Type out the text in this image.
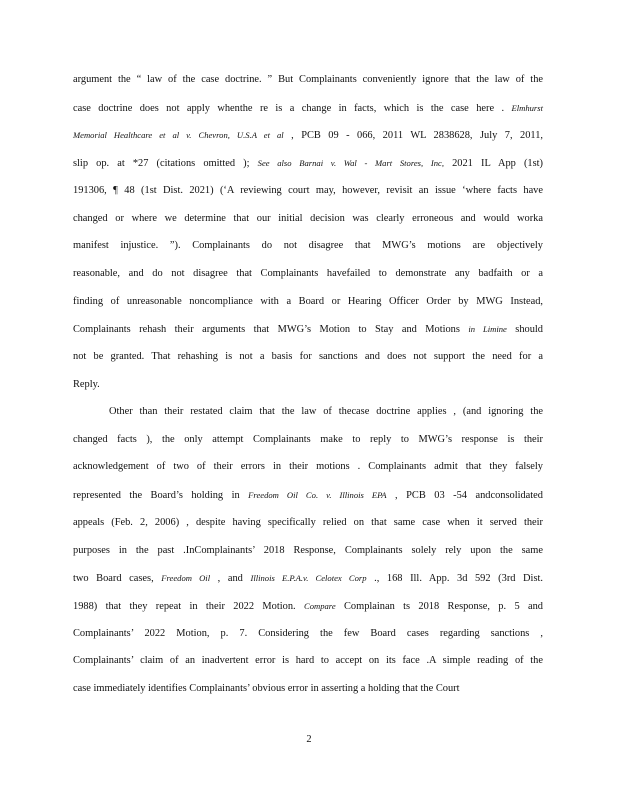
argument the “ law of the case doctrine. ” But Complainants conveniently ignore that the law of the
case doctrine does not apply whenthe re is a change in facts, which is the case here . Elmhurst
Memorial Healthcare et al v. Chevron, U.S.A et al , PCB 09 - 066, 2011 WL 2838628, July 7, 2011,
slip op. at *27 (citations omitted ); See also Barnai v. Wal - Mart Stores, Inc, 2021 IL App (1st)
191306, ¶ 48 (1st Dist. 2021) (‘A reviewing court may, however, revisit an issue ‘where facts have
changed or where we determine that our initial decision was clearly erroneous and would worka
manifest injustice. ”). Complainants do not disagree that MWG’s motions are objectively
reasonable, and do not disagree that Complainants havefailed to demonstrate any badfaith or a
finding of unreasonable noncompliance with a Board or Hearing Officer Order by MWG Instead,
Complainants rehash their arguments that MWG’s Motion to Stay and Motions in Limine should
not be granted. That rehashing is not a basis for sanctions and does not support the need for a
Reply.
Other than their restated claim that the law of thecase doctrine applies , (and ignoring the
changed facts ), the only attempt Complainants make to reply to MWG’s response is their
acknowledgement of two of their errors in their motions . Complainants admit that they falsely
represented the Board’s holding in Freedom Oil Co. v. Illinois EPA , PCB 03 -54 andconsolidated
appeals (Feb. 2, 2006) , despite having specifically relied on that same case when it served their
purposes in the past .InComplainants’ 2018 Response, Complainants solely rely upon the same
two Board cases, Freedom Oil , and Illinois E.P.A.v. Celotex Corp ., 168 Ill. App. 3d 592 (3rd Dist.
1988) that they repeat in their 2022 Motion. Compare Complainan ts 2018 Response, p. 5 and
Complainants’ 2022 Motion, p. 7. Considering the few Board cases regarding sanctions ,
Complainants’ claim of an inadvertent error is hard to accept on its face .A simple reading of the
case immediately identifies Complainants’ obvious error in asserting a holding that the Court
2
